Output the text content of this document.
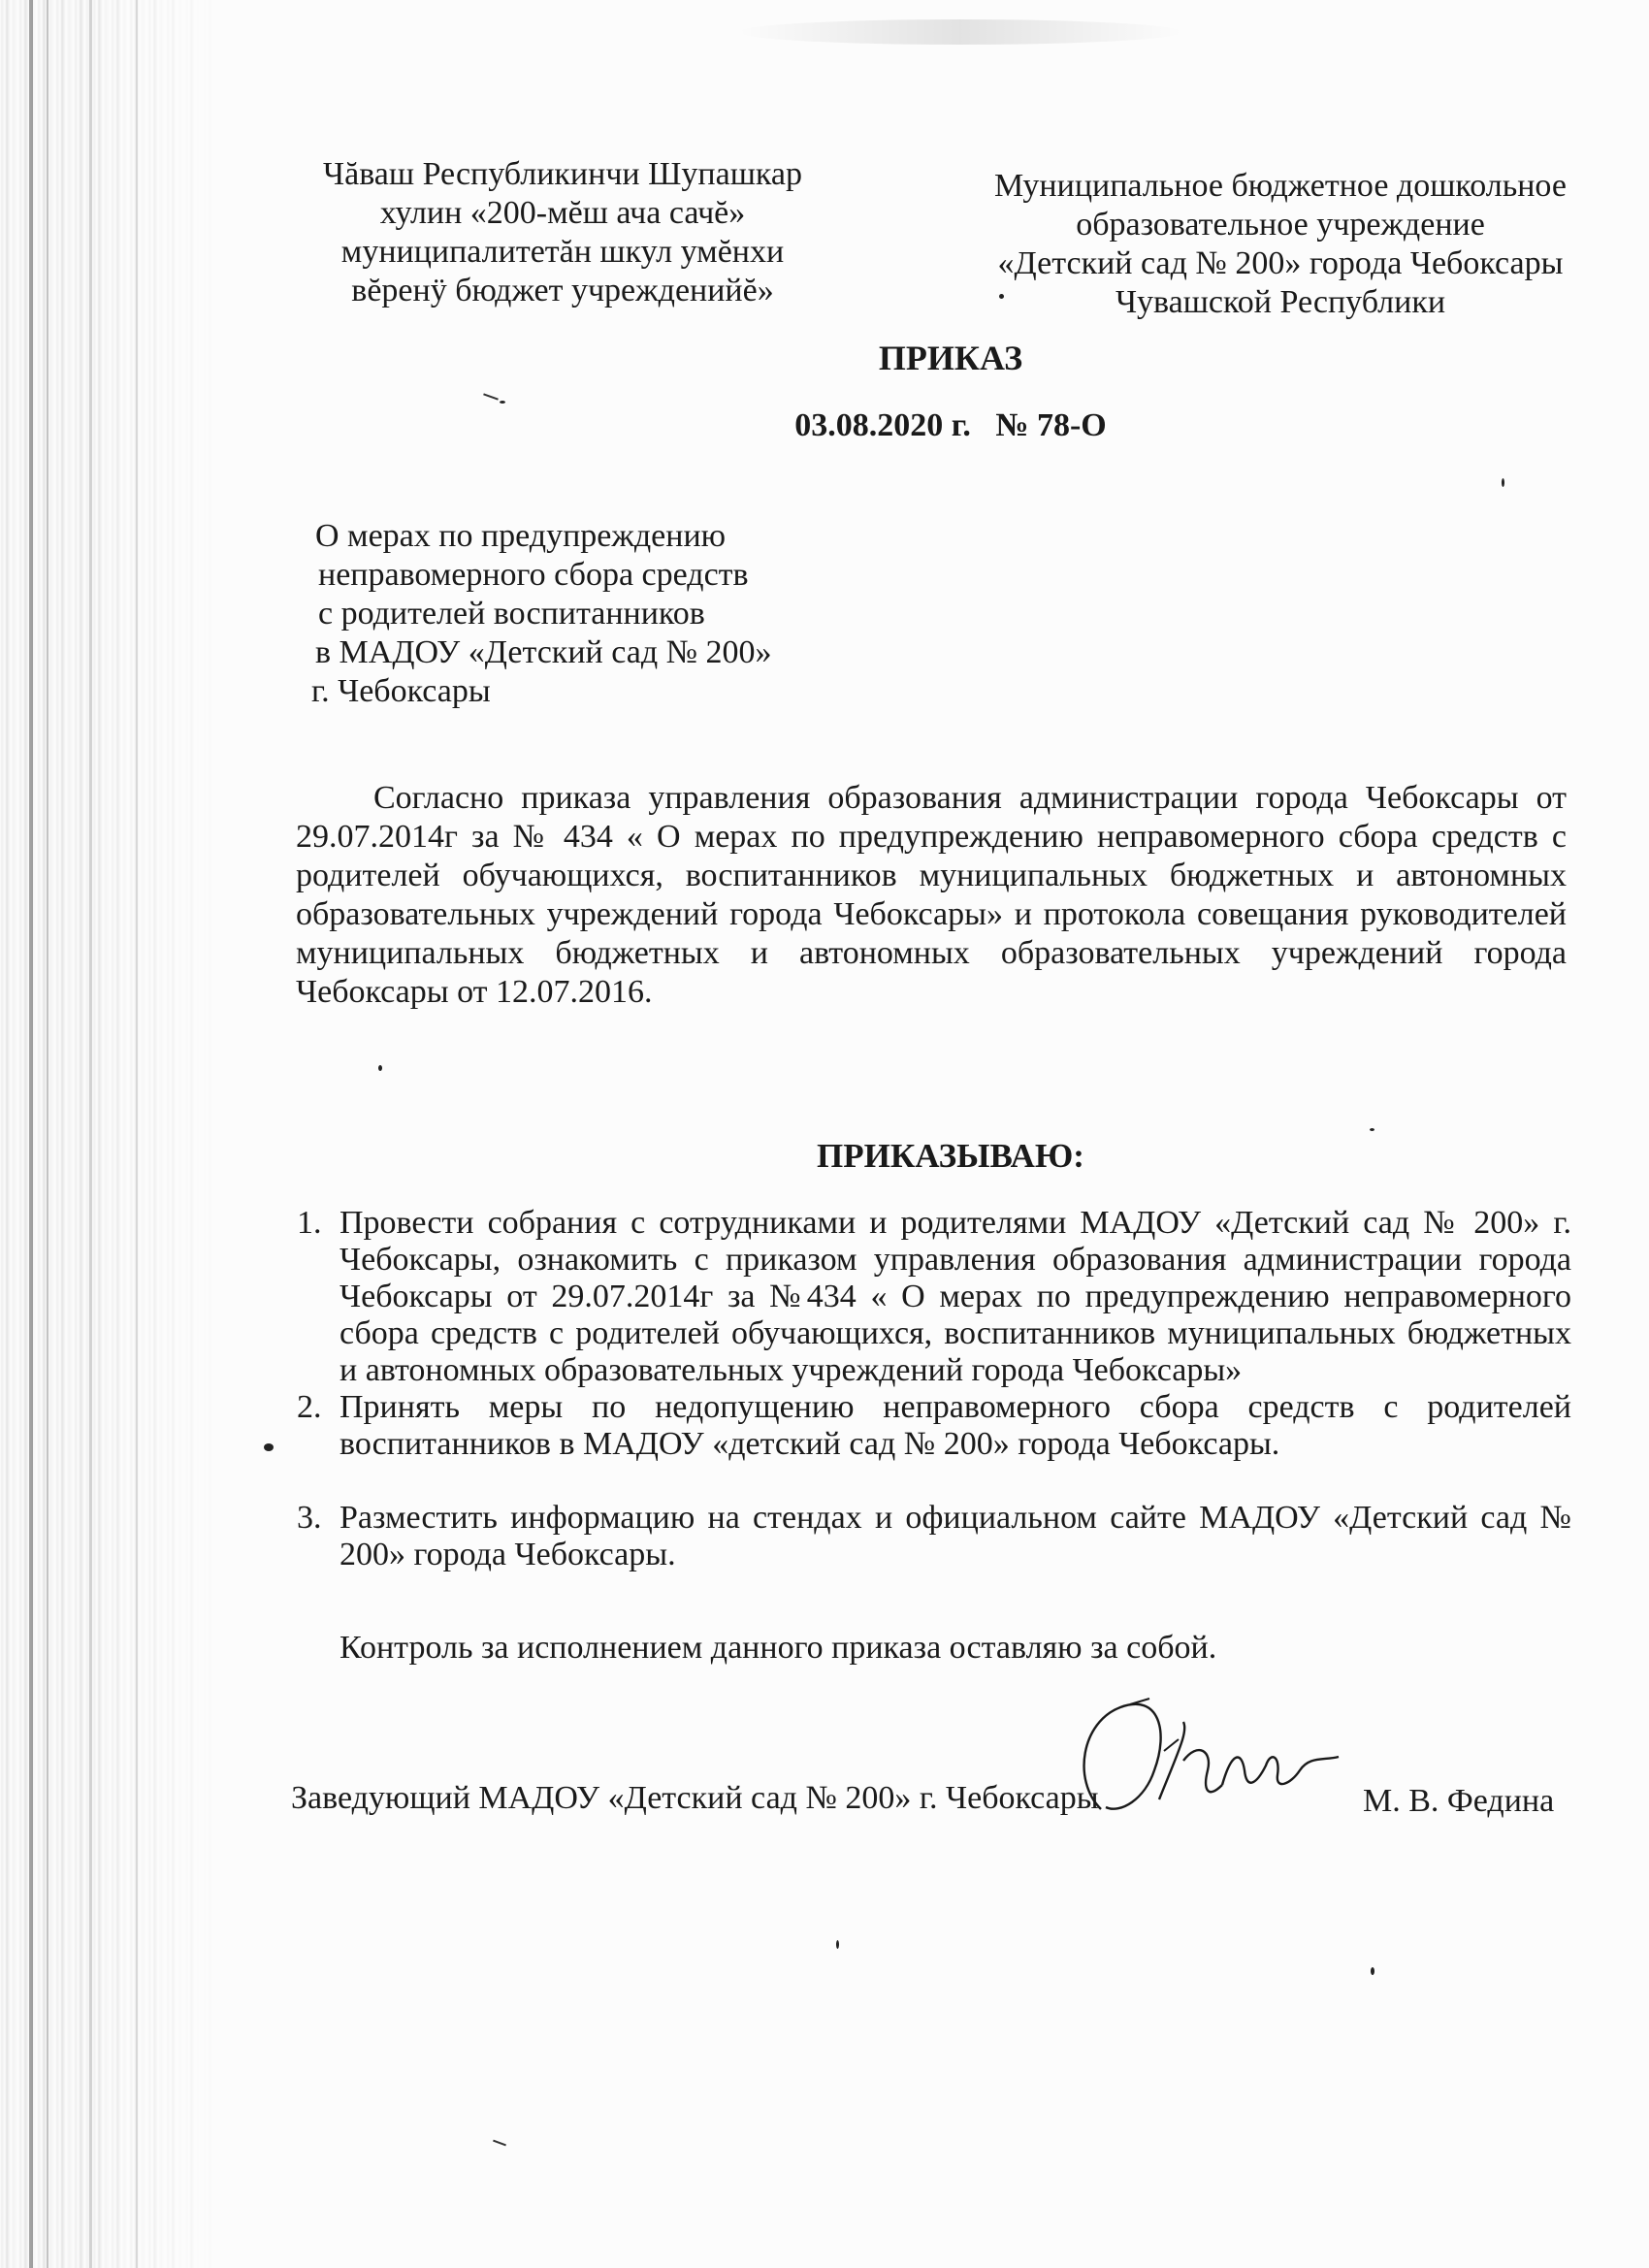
Чăваш Республикинчи Шупашкар
хулин «200-мĕш ача сачĕ»
муниципалитетăн шкул умĕнхи
вĕренÿ бюджет учрежденийĕ»
Муниципальное бюджетное дошкольное
образовательное учреждение
«Детский сад № 200» города Чебоксары
Чувашской Республики
ПРИКАЗ
03.08.2020 г.   № 78-О
О мерах по предупреждению
неправомерного сбора средств
с родителей воспитанников
в МАДОУ «Детский сад № 200»
г. Чебоксары
Согласно приказа управления образования администрации города Чебоксары от 29.07.2014г за № 434 « О мерах по предупреждению неправомерного сбора средств с родителей обучающихся, воспитанников муниципальных бюджетных и автономных образовательных учреждений города Чебоксары» и протокола совещания руководителей муниципальных бюджетных и автономных образовательных учреждений города Чебоксары от 12.07.2016.
ПРИКАЗЫВАЮ:
1. Провести собрания с сотрудниками и родителями МАДОУ «Детский сад № 200» г. Чебоксары, ознакомить с приказом управления образования администрации города Чебоксары от 29.07.2014г за №434 « О мерах по предупреждению неправомерного сбора средств с родителей обучающихся, воспитанников муниципальных бюджетных и автономных образовательных учреждений города Чебоксары»
2. Принять меры по недопущению неправомерного сбора средств с родителей воспитанников в МАДОУ «детский сад № 200» города Чебоксары.
3. Разместить информацию на стендах и официальном сайте МАДОУ «Детский сад № 200» города Чебоксары.
Контроль за исполнением данного приказа оставляю за собой.
Заведующий МАДОУ «Детский сад № 200» г. Чебоксары	М. В. Федина
